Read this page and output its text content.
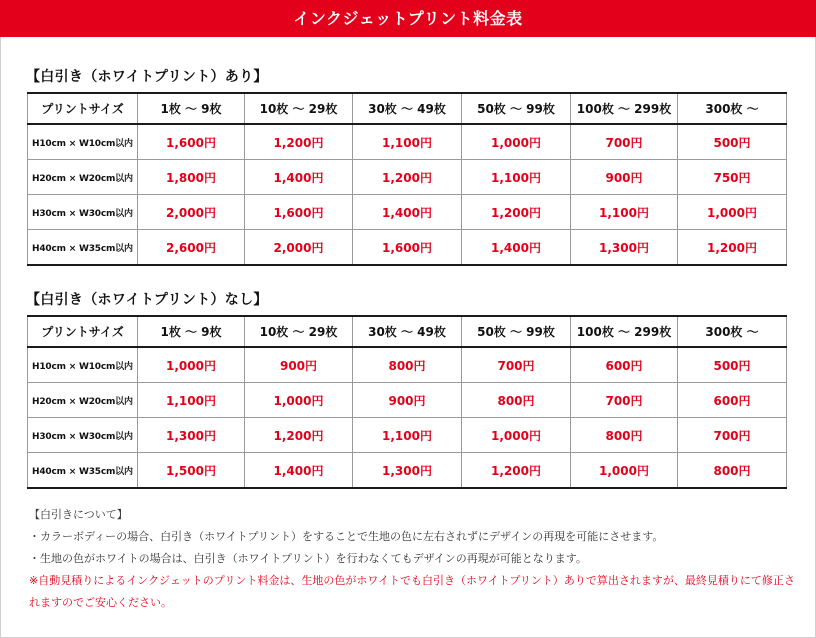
インクジェットプリント料金表
【白引き（ホワイトプリント）あり】
プリントサイズ	1枚 〜 9枚	10枚 〜 29枚	30枚 〜 49枚	50枚 〜 99枚	100枚 〜 299枚	300枚 〜
H10cm × W10cm以内	1,600円	1,200円	1,100円	1,000円	700円	500円
H20cm × W20cm以内	1,800円	1,400円	1,200円	1,100円	900円	750円
H30cm × W30cm以内	2,000円	1,600円	1,400円	1,200円	1,100円	1,000円
H40cm × W35cm以内	2,600円	2,000円	1,600円	1,400円	1,300円	1,200円
【白引き（ホワイトプリント）なし】
プリントサイズ	1枚 〜 9枚	10枚 〜 29枚	30枚 〜 49枚	50枚 〜 99枚	100枚 〜 299枚	300枚 〜
H10cm × W10cm以内	1,000円	900円	800円	700円	600円	500円
H20cm × W20cm以内	1,100円	1,000円	900円	800円	700円	600円
H30cm × W30cm以内	1,300円	1,200円	1,100円	1,000円	800円	700円
H40cm × W35cm以内	1,500円	1,400円	1,300円	1,200円	1,000円	800円
【白引きについて】
・カラーボディーの場合、白引き（ホワイトプリント）をすることで生地の色に左右されずにデザインの再現を可能にさせます。
・生地の色がホワイトの場合は、白引き（ホワイトプリント）を行わなくてもデザインの再現が可能となります。
※自動見積りによるインクジェットのプリント料金は、生地の色がホワイトでも白引き（ホワイトプリント）ありで算出されますが、最終見積りにて修正されますのでご安心ください。
